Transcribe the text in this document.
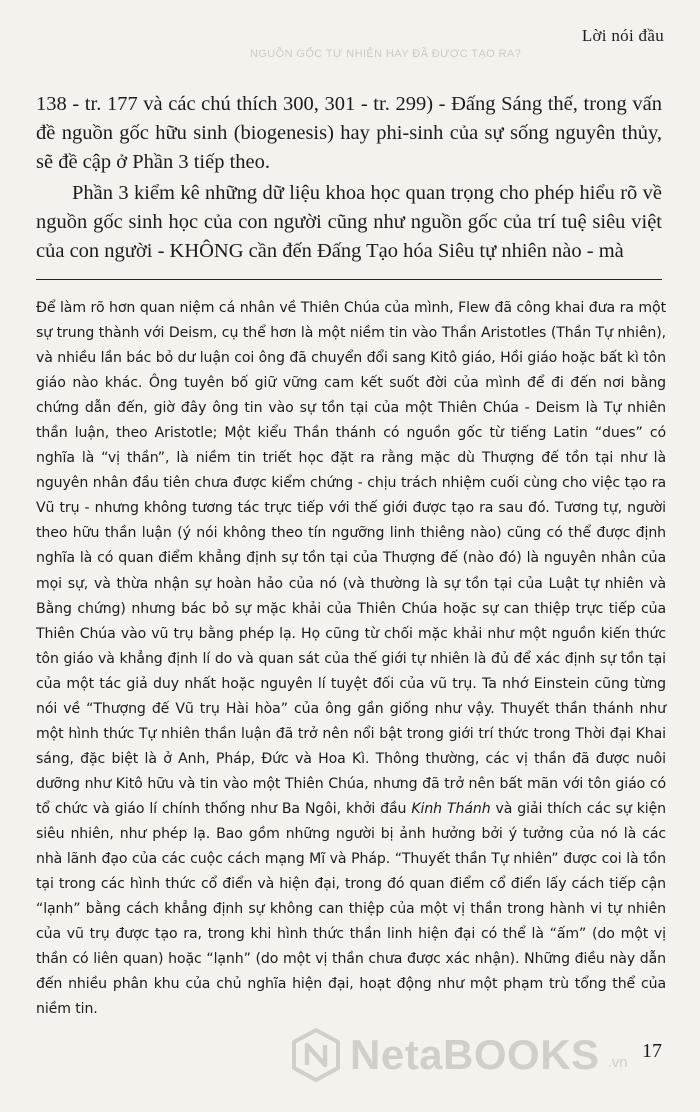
NGUỒN GỐC TỰ NHIÊN HAY ĐÃ ĐƯỢC TẠO RA?
Lời nói đầu

138 - tr. 177 và các chú thích 300, 301 - tr. 299) - Đấng Sáng thế, trong vấn đề nguồn gốc hữu sinh (biogenesis) hay phi-sinh của sự sống nguyên thủy, sẽ đề cập ở Phần 3 tiếp theo.

Phần 3 kiểm kê những dữ liệu khoa học quan trọng cho phép hiểu rõ về nguồn gốc sinh học của con người cũng như nguồn gốc của trí tuệ siêu việt của con người - KHÔNG cần đến Đấng Tạo hóa Siêu tự nhiên nào - mà

Để làm rõ hơn quan niệm cá nhân về Thiên Chúa của mình, Flew đã công khai đưa ra một sự trung thành với Deism, cụ thể hơn là một niềm tin vào Thần Aristotles (Thần Tự nhiên), và nhiều lần bác bỏ dư luận coi ông đã chuyển đổi sang Kitô giáo, Hồi giáo hoặc bất kì tôn giáo nào khác. Ông tuyên bố giữ vững cam kết suốt đời của mình để đi đến nơi bằng chứng dẫn đến, giờ đây ông tin vào sự tồn tại của một Thiên Chúa - Deism là Tự nhiên thần luận, theo Aristotle; Một kiểu Thần thánh có nguồn gốc từ tiếng Latin “dues” có nghĩa là “vị thần”, là niềm tin triết học đặt ra rằng mặc dù Thượng đế tồn tại như là nguyên nhân đầu tiên chưa được kiểm chứng - chịu trách nhiệm cuối cùng cho việc tạo ra Vũ trụ - nhưng không tương tác trực tiếp với thế giới được tạo ra sau đó. Tương tự, người theo hữu thần luận (ý nói không theo tín ngưỡng linh thiêng nào) cũng có thể được định nghĩa là có quan điểm khẳng định sự tồn tại của Thượng đế (nào đó) là nguyên nhân của mọi sự, và thừa nhận sự hoàn hảo của nó (và thường là sự tồn tại của Luật tự nhiên và Bằng chứng) nhưng bác bỏ sự mặc khải của Thiên Chúa hoặc sự can thiệp trực tiếp của Thiên Chúa vào vũ trụ bằng phép lạ. Họ cũng từ chối mặc khải như một nguồn kiến thức tôn giáo và khẳng định lí do và quan sát của thế giới tự nhiên là đủ để xác định sự tồn tại của một tác giả duy nhất hoặc nguyên lí tuyệt đối của vũ trụ. Ta nhớ Einstein cũng từng nói về “Thượng đế Vũ trụ Hài hòa” của ông gần giống như vậy. Thuyết thần thánh như một hình thức Tự nhiên thần luận đã trở nên nổi bật trong giới trí thức trong Thời đại Khai sáng, đặc biệt là ở Anh, Pháp, Đức và Hoa Kì. Thông thường, các vị thần đã được nuôi dưỡng như Kitô hữu và tin vào một Thiên Chúa, nhưng đã trở nên bất mãn với tôn giáo có tổ chức và giáo lí chính thống như Ba Ngôi, khởi đầu Kinh Thánh và giải thích các sự kiện siêu nhiên, như phép lạ. Bao gồm những người bị ảnh hưởng bởi ý tưởng của nó là các nhà lãnh đạo của các cuộc cách mạng Mĩ và Pháp. “Thuyết thần Tự nhiên” được coi là tồn tại trong các hình thức cổ điển và hiện đại, trong đó quan điểm cổ điển lấy cách tiếp cận “lạnh” bằng cách khẳng định sự không can thiệp của một vị thần trong hành vi tự nhiên của vũ trụ được tạo ra, trong khi hình thức thần linh hiện đại có thể là “ấm” (do một vị thần có liên quan) hoặc “lạnh” (do một vị thần chưa được xác nhận). Những điều này dẫn đến nhiều phân khu của chủ nghĩa hiện đại, hoạt động như một phạm trù tổng thể của niềm tin.

NetaBOOKS .vn 17
